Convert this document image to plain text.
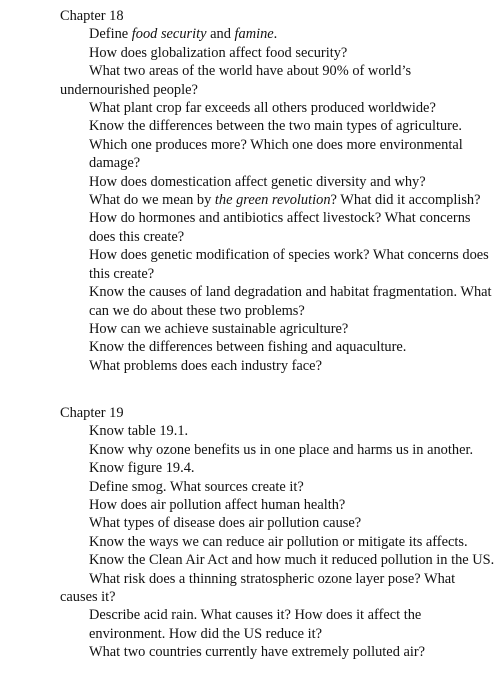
Chapter 18

Define food security and famine.

How does globalization affect food security?

What two areas of the world have about 90% of world’s undernourished people?

What plant crop far exceeds all others produced worldwide?

Know the differences between the two main types of agriculture. Which one produces more? Which one does more environmental damage?

How does domestication affect genetic diversity and why?

What do we mean by the green revolution? What did it accomplish?

How do hormones and antibiotics affect livestock? What concerns does this create?

How does genetic modification of species work? What concerns does this create?

Know the causes of land degradation and habitat fragmentation. What can we do about these two problems?

How can we achieve sustainable agriculture?

Know the differences between fishing and aquaculture.

What problems does each industry face?

Chapter 19

Know table 19.1.

Know why ozone benefits us in one place and harms us in another.

Know figure 19.4.

Define smog. What sources create it?

How does air pollution affect human health?

What types of disease does air pollution cause?

Know the ways we can reduce air pollution or mitigate its affects.

Know the Clean Air Act and how much it reduced pollution in the US.

What risk does a thinning stratospheric ozone layer pose? What causes it?

Describe acid rain. What causes it? How does it affect the environment. How did the US reduce it?

What two countries currently have extremely polluted air?
